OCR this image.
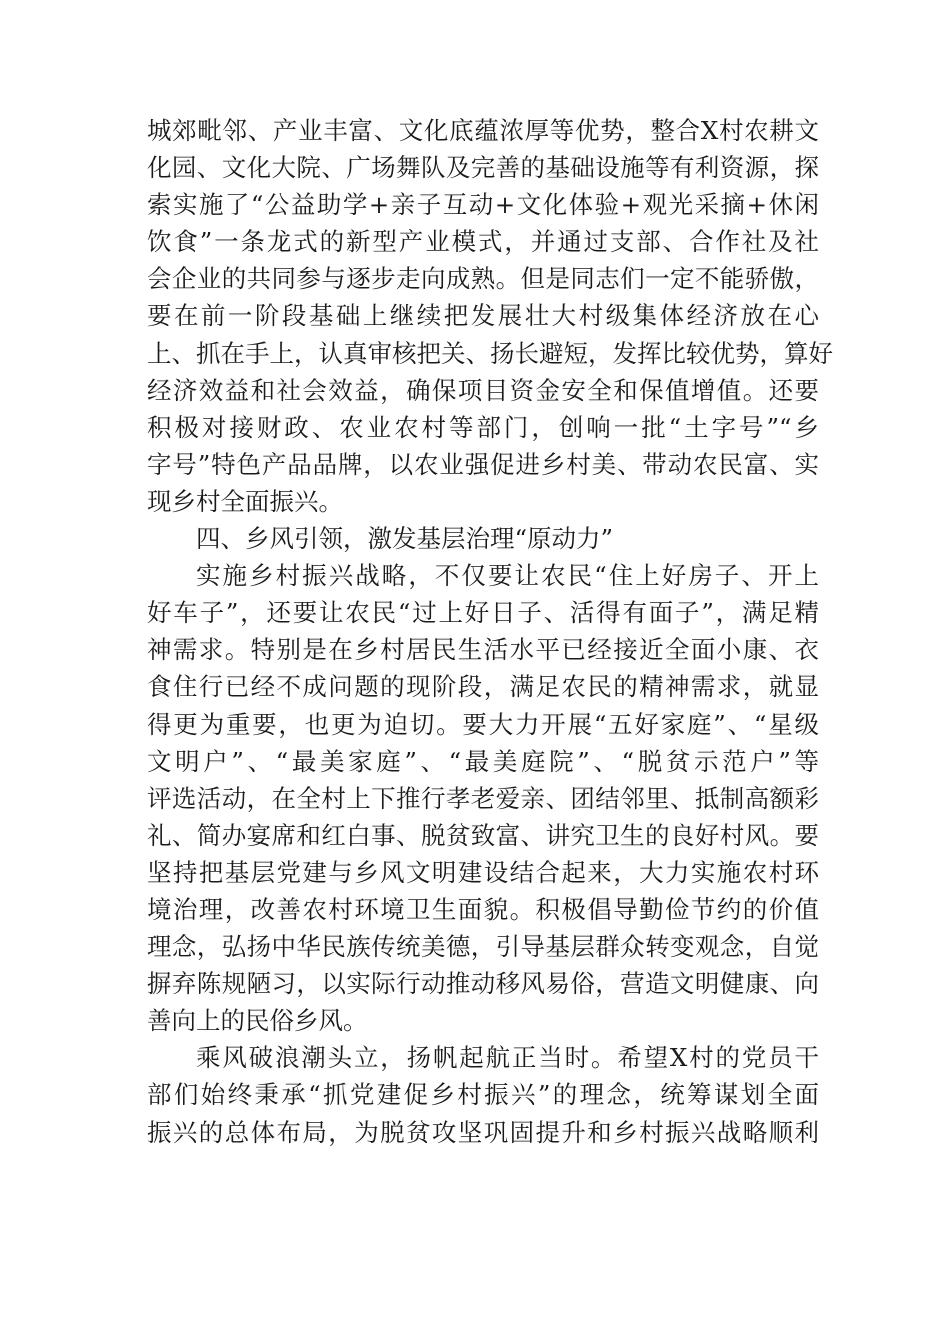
城郊毗邻、产业丰富、文化底蕴浓厚等优势，整合X村农耕文
化园、文化大院、广场舞队及完善的基础设施等有利资源，探
索实施了“公益助学+亲子互动+文化体验+观光采摘+休闲
饮食”一条龙式的新型产业模式，并通过支部、合作社及社
会企业的共同参与逐步走向成熟。但是同志们一定不能骄傲，
要在前一阶段基础上继续把发展壮大村级集体经济放在心
上、抓在手上，认真审核把关、扬长避短，发挥比较优势，算好
经济效益和社会效益，确保项目资金安全和保值增值。还要
积极对接财政、农业农村等部门，创响一批“土字号”“乡
字号”特色产品品牌，以农业强促进乡村美、带动农民富、实
现乡村全面振兴。
四、乡风引领，激发基层治理“原动力”
实施乡村振兴战略，不仅要让农民“住上好房子、开上
好车子”，还要让农民“过上好日子、活得有面子”，满足精
神需求。特别是在乡村居民生活水平已经接近全面小康、衣
食住行已经不成问题的现阶段，满足农民的精神需求，就显
得更为重要，也更为迫切。要大力开展“五好家庭”、“星级
文明户”、“最美家庭”、“最美庭院”、“脱贫示范户”等
评选活动，在全村上下推行孝老爱亲、团结邻里、抵制高额彩
礼、简办宴席和红白事、脱贫致富、讲究卫生的良好村风。要
坚持把基层党建与乡风文明建设结合起来，大力实施农村环
境治理，改善农村环境卫生面貌。积极倡导勤俭节约的价值
理念，弘扬中华民族传统美德，引导基层群众转变观念，自觉
摒弃陈规陋习，以实际行动推动移风易俗，营造文明健康、向
善向上的民俗乡风。
乘风破浪潮头立，扬帆起航正当时。希望X村的党员干
部们始终秉承“抓党建促乡村振兴”的理念，统筹谋划全面
振兴的总体布局，为脱贫攻坚巩固提升和乡村振兴战略顺利
